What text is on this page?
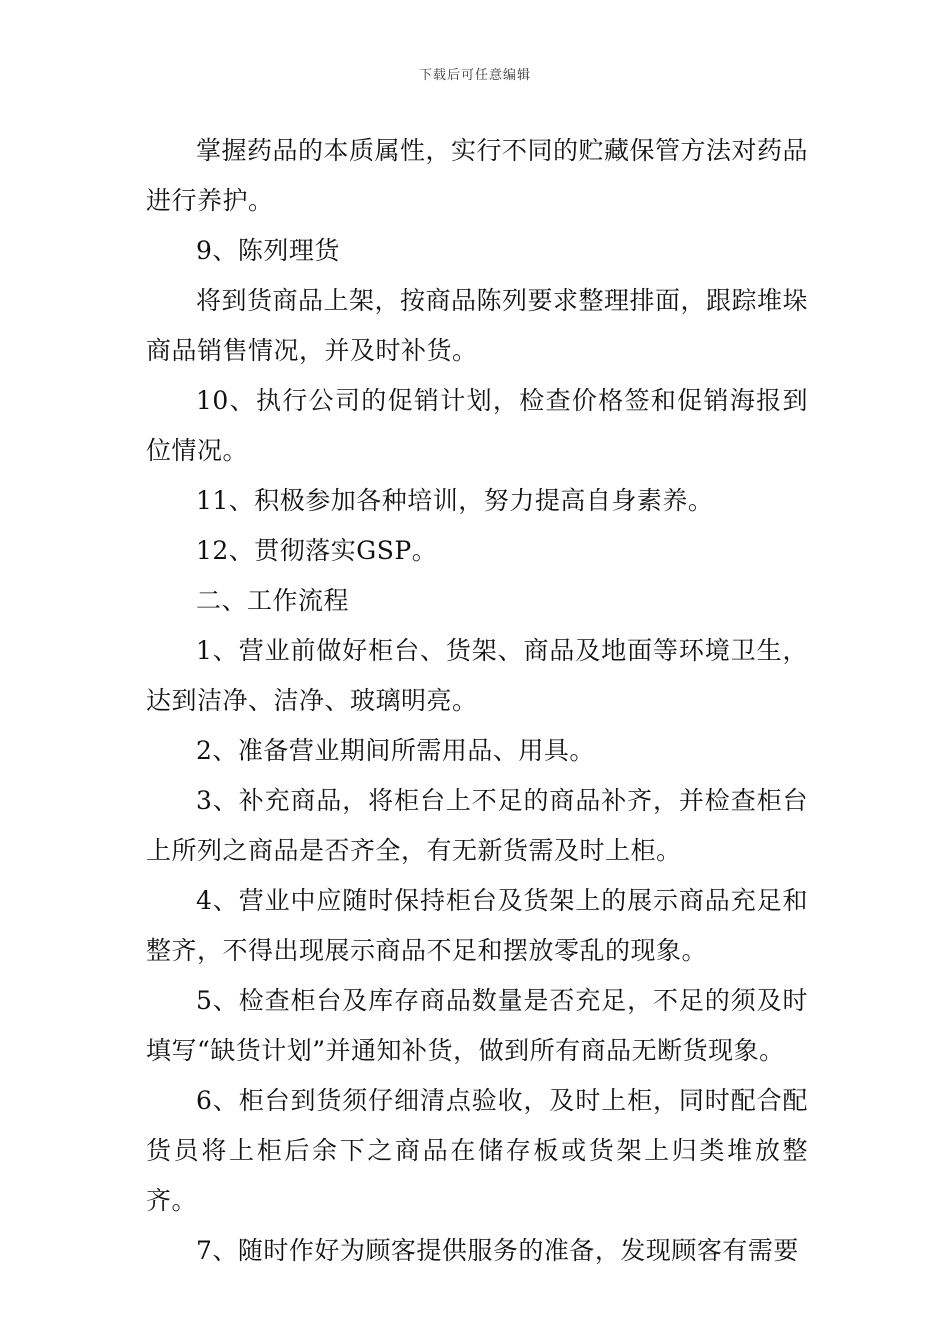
下载后可任意编辑

掌握药品的本质属性，实行不同的贮藏保管方法对药品进行养护。

9、陈列理货

将到货商品上架，按商品陈列要求整理排面，跟踪堆垛商品销售情况，并及时补货。

10、执行公司的促销计划，检查价格签和促销海报到位情况。

11、积极参加各种培训，努力提高自身素养。

12、贯彻落实GSP。

二、工作流程

1、营业前做好柜台、货架、商品及地面等环境卫生，达到洁净、洁净、玻璃明亮。

2、准备营业期间所需用品、用具。

3、补充商品，将柜台上不足的商品补齐，并检查柜台上所列之商品是否齐全，有无新货需及时上柜。

4、营业中应随时保持柜台及货架上的展示商品充足和整齐，不得出现展示商品不足和摆放零乱的现象。

5、检查柜台及库存商品数量是否充足，不足的须及时填写“缺货计划”并通知补货，做到所有商品无断货现象。

6、柜台到货须仔细清点验收，及时上柜，同时配合配货员将上柜后余下之商品在储存板或货架上归类堆放整齐。

7、随时作好为顾客提供服务的准备，发现顾客有需要
